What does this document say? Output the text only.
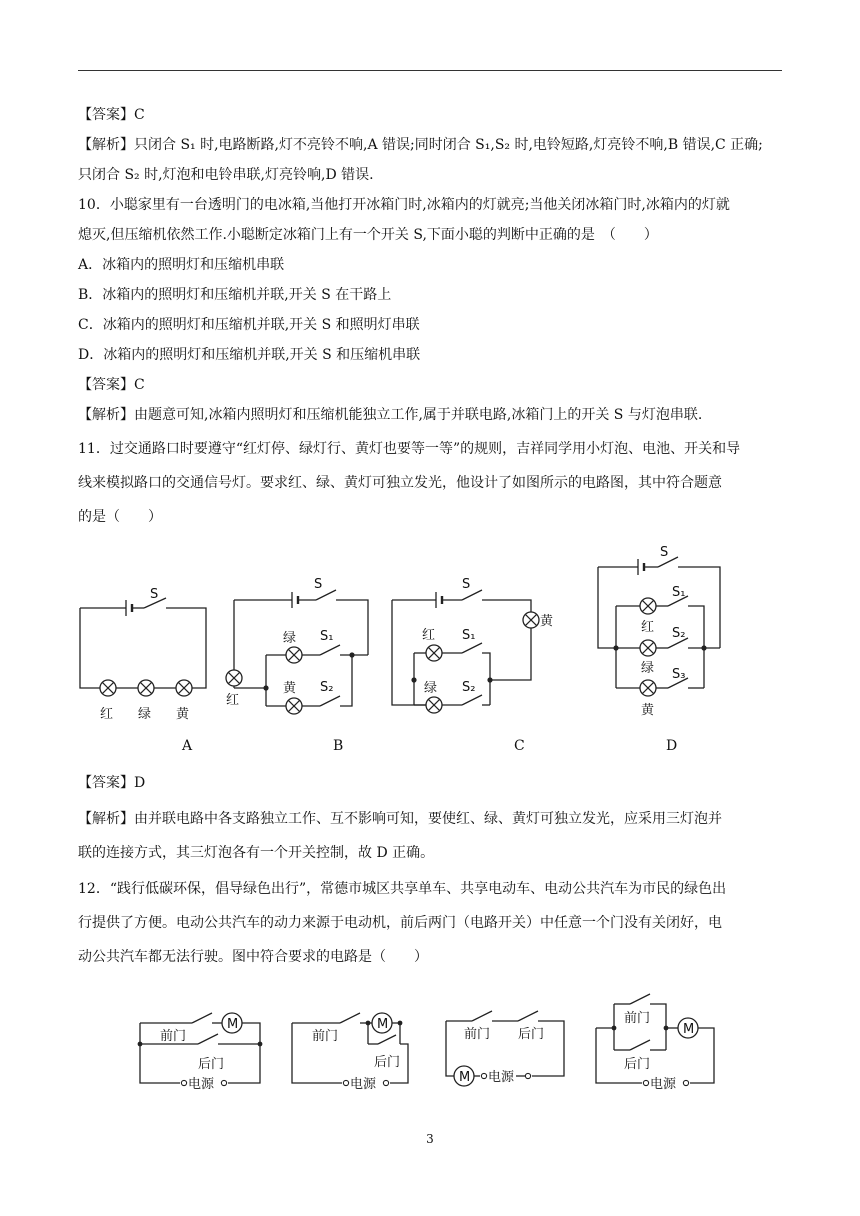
【答案】C
【解析】只闭合 S₁ 时,电路断路,灯不亮铃不响,A 错误;同时闭合 S₁,S₂ 时,电铃短路,灯亮铃不响,B 错误,C 正确;
只闭合 S₂ 时,灯泡和电铃串联,灯亮铃响,D 错误.
10．小聪家里有一台透明门的电冰箱,当他打开冰箱门时,冰箱内的灯就亮;当他关闭冰箱门时,冰箱内的灯就
熄灭,但压缩机依然工作.小聪断定冰箱门上有一个开关 S,下面小聪的判断中正确的是　（　　）
A．冰箱内的照明灯和压缩机串联
B．冰箱内的照明灯和压缩机并联,开关 S 在干路上
C．冰箱内的照明灯和压缩机并联,开关 S 和照明灯串联
D．冰箱内的照明灯和压缩机并联,开关 S 和压缩机串联
【答案】C
【解析】由题意可知,冰箱内照明灯和压缩机能独立工作,属于并联电路,冰箱门上的开关 S 与灯泡串联.
11．过交通路口时要遵守“红灯停、绿灯行、黄灯也要等一等”的规则，吉祥同学用小灯泡、电池、开关和导
线来模拟路口的交通信号灯。要求红、绿、黄灯可独立发光，他设计了如图所示的电路图，其中符合题意
的是（　　）
S
红 绿 黄
S
绿 S₁
黄 S₂
红
S
黄
红 S₁
绿 S₂
S
S₁
红 S₂
绿 S₃
黄
A	B	C	D
【答案】D
【解析】由并联电路中各支路独立工作、互不影响可知，要使红、绿、黄灯可独立发光，应采用三灯泡并
联的连接方式，其三灯泡各有一个开关控制，故 D 正确。
12．“践行低碳环保，倡导绿色出行”，常德市城区共享单车、共享电动车、电动公共汽车为市民的绿色出
行提供了方便。电动公共汽车的动力来源于电动机，前后两门（电路开关）中任意一个门没有关闭好，电
动公共汽车都无法行驶。图中符合要求的电路是（　　）
M	M
M
M
前门
后门
电源
前门
后门
电源
前门 后门
电源
前门
后门
电源
3
